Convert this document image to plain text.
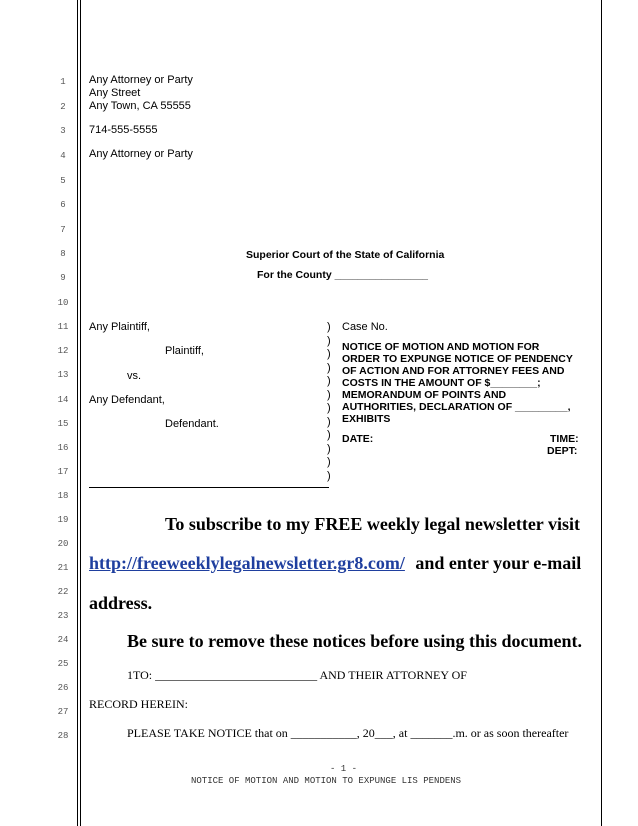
1
2
3
4
5
6
7
8
9
10
11
12
13
14
15
16
17
18
19
20
21
22
23
24
25
26
27
28
Any Attorney or Party
Any Street
Any Town, CA 55555
714-555-5555
Any Attorney or Party
Superior Court of the State of California
For the County ________________
Any Plaintiff,
Plaintiff,
vs.
Any Defendant,
Defendant.
)
)
)
)
)
)
)
)
)
)
)
)
Case No.
NOTICE OF MOTION AND MOTION FOR
ORDER TO EXPUNGE NOTICE OF PENDENCY
OF ACTION AND FOR ATTORNEY FEES AND
COSTS IN THE AMOUNT OF $________;
MEMORANDUM OF POINTS AND
AUTHORITIES, DECLARATION OF _________,
EXHIBITS
DATE:	TIME:
DEPT:
To subscribe to my FREE weekly legal newsletter visit
http://freeweeklylegalnewsletter.gr8.com/ and enter your e-mail
address.
Be sure to remove these notices before using this document.
1TO: ___________________________ AND THEIR ATTORNEY OF
RECORD HEREIN:
PLEASE TAKE NOTICE that on ___________, 20___, at _______.m. or as soon thereafter
- 1 -
NOTICE OF MOTION AND MOTION TO EXPUNGE LIS PENDENS
